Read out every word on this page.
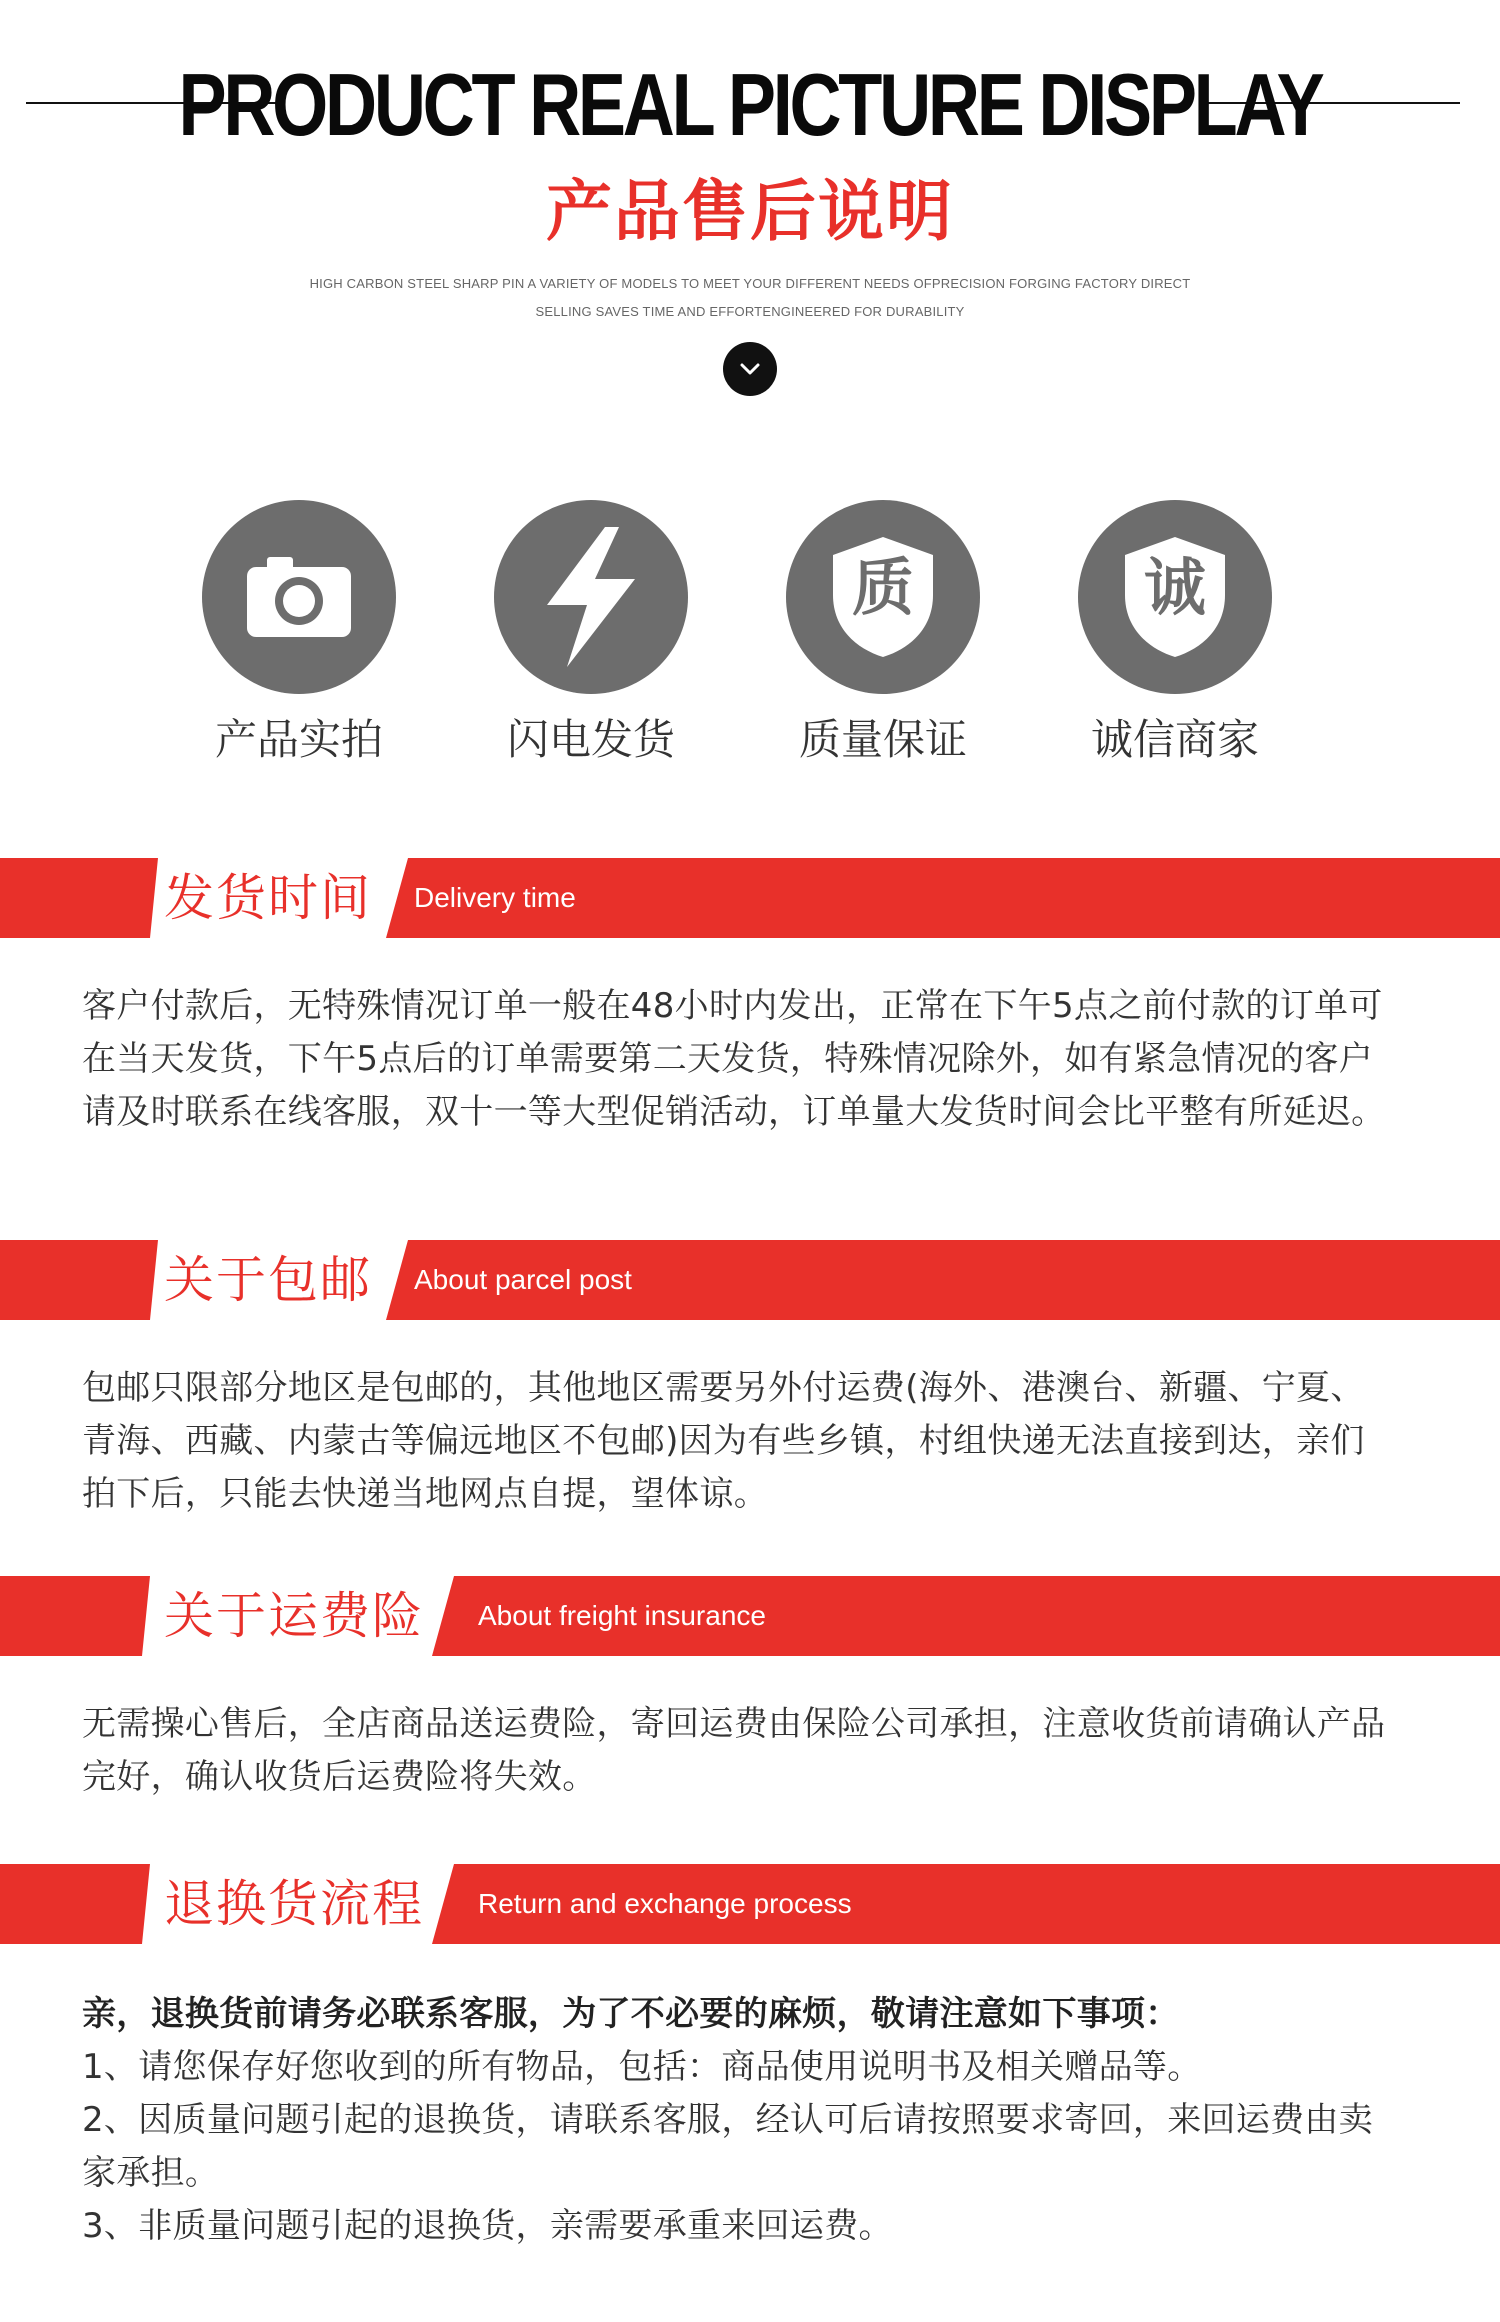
PRODUCT REAL PICTURE DISPLAY
产品售后说明
HIGH CARBON STEEL SHARP PIN A VARIETY OF MODELS TO MEET YOUR DIFFERENT NEEDS OFPRECISION FORGING FACTORY DIRECT
SELLING SAVES TIME AND EFFORTENGINEERED FOR DURABILITY
产品实拍	闪电发货
质
质量保证
诚
诚信商家
发货时间 Delivery time

客户付款后，无特殊情况订单一般在48小时内发出，正常在下午5点之前付款的订单可

在当天发货，下午5点后的订单需要第二天发货，特殊情况除外，如有紧急情况的客户

请及时联系在线客服，双十一等大型促销活动，订单量大发货时间会比平整有所延迟。

关于包邮 About parcel post

包邮只限部分地区是包邮的，其他地区需要另外付运费(海外、港澳台、新疆、宁夏、

青海、西藏、内蒙古等偏远地区不包邮)因为有些乡镇，村组快递无法直接到达，亲们

拍下后，只能去快递当地网点自提，望体谅。

关于运费险 About freight insurance

无需操心售后，全店商品送运费险，寄回运费由保险公司承担，注意收货前请确认产品

完好，确认收货后运费险将失效。

退换货流程 Return and exchange process

亲，退换货前请务必联系客服，为了不必要的麻烦，敬请注意如下事项：

1、请您保存好您收到的所有物品，包括：商品使用说明书及相关赠品等。

2、因质量问题引起的退换货，请联系客服，经认可后请按照要求寄回，来回运费由卖

家承担。

3、非质量问题引起的退换货，亲需要承重来回运费。
